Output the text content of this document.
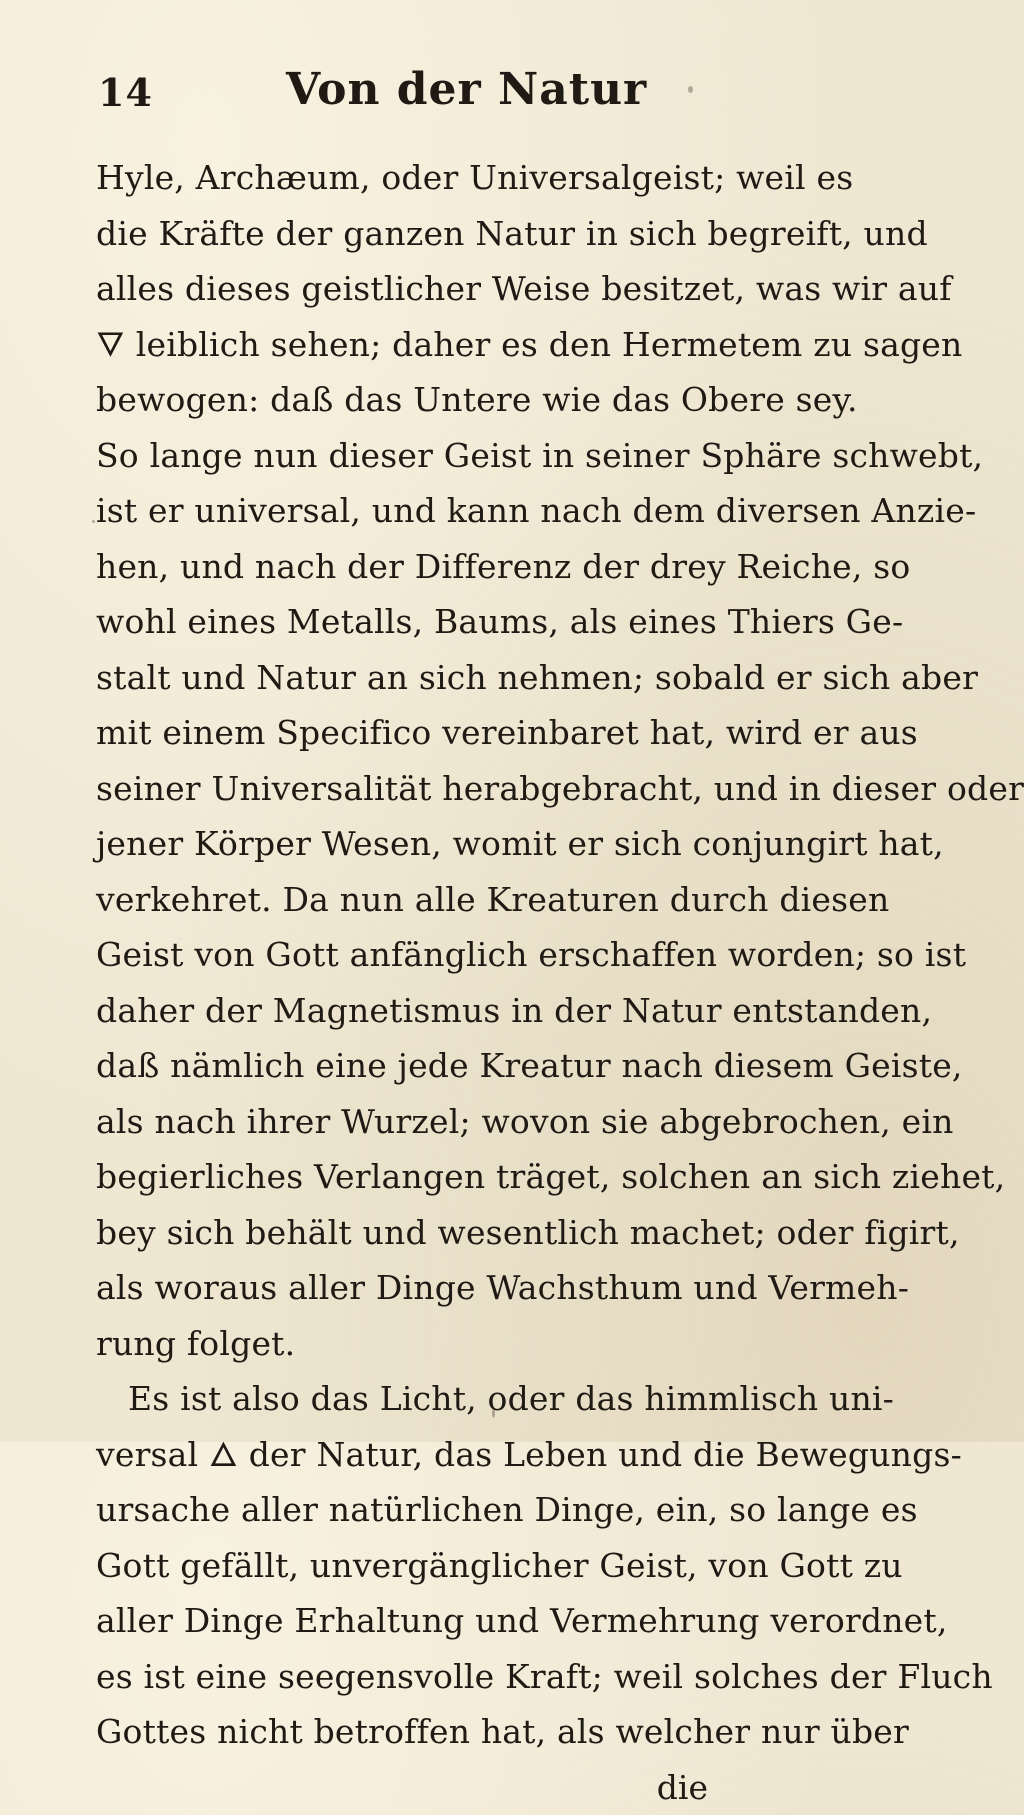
14	Von der Natur
Hyle, Archæum, oder Universalgeist; weil es
die Kräfte der ganzen Natur in sich begreift, und
alles dieses geistlicher Weise besitzet, was wir auf
🜄 leiblich sehen; daher es den Hermetem zu sagen
bewogen: daß das Untere wie das Obere sey.
So lange nun dieser Geist in seiner Sphäre schwebt,
ist er universal, und kann nach dem diversen Anzie-
hen, und nach der Differenz der drey Reiche, so
wohl eines Metalls, Baums, als eines Thiers Ge-
stalt und Natur an sich nehmen; sobald er sich aber
mit einem Specifico vereinbaret hat, wird er aus
seiner Universalität herabgebracht, und in dieser oder
jener Körper Wesen, womit er sich conjungirt hat,
verkehret. Da nun alle Kreaturen durch diesen
Geist von Gott anfänglich erschaffen worden; so ist
daher der Magnetismus in der Natur entstanden,
daß nämlich eine jede Kreatur nach diesem Geiste,
als nach ihrer Wurzel; wovon sie abgebrochen, ein
begierliches Verlangen träget, solchen an sich ziehet,
bey sich behält und wesentlich machet; oder figirt,
als woraus aller Dinge Wachsthum und Vermeh-
rung folget.
Es ist also das Licht, oder das himmlisch uni-
versal 🜂 der Natur, das Leben und die Bewegungs-
ursache aller natürlichen Dinge, ein, so lange es
Gott gefällt, unvergänglicher Geist, von Gott zu
aller Dinge Erhaltung und Vermehrung verordnet,
es ist eine seegensvolle Kraft; weil solches der Fluch
Gottes nicht betroffen hat, als welcher nur über
die
